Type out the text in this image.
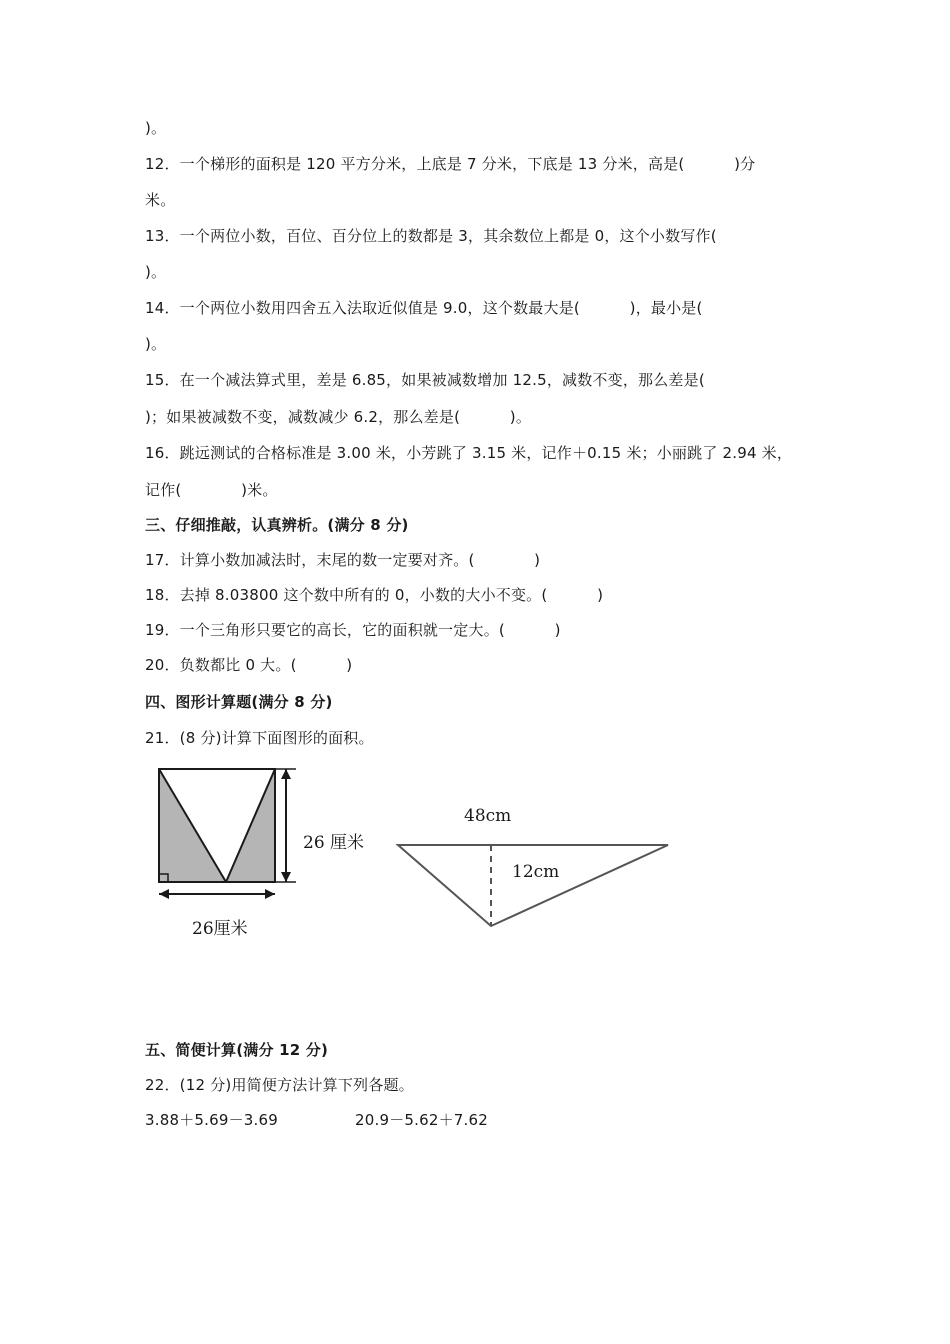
)。
12．一个梯形的面积是 120 平方分米，上底是 7 分米，下底是 13 分米，高是(          )分
米。
13．一个两位小数，百位、百分位上的数都是 3，其余数位上都是 0，这个小数写作(
)。
14．一个两位小数用四舍五入法取近似值是 9.0，这个数最大是(          )，最小是(
)。
15．在一个减法算式里，差是 6.85，如果被减数增加 12.5，减数不变，那么差是(
)；如果被减数不变，减数减少 6.2，那么差是(          )。
16．跳远测试的合格标准是 3.00 米，小芳跳了 3.15 米，记作＋0.15 米；小丽跳了 2.94 米，
记作(            )米。
三、仔细推敲，认真辨析。(满分 8 分)
17．计算小数加减法时，末尾的数一定要对齐。(            )
18．去掉 8.03800 这个数中所有的 0，小数的大小不变。(          )
19．一个三角形只要它的高长，它的面积就一定大。(          )
20．负数都比 0 大。(          )
四、图形计算题(满分 8 分)
21．(8 分)计算下面图形的面积。
26 厘米
26厘米
48cm
12cm
五、简便计算(满分 12 分)
22．(12 分)用简便方法计算下列各题。
3.88＋5.69－3.69	20.9－5.62＋7.62
